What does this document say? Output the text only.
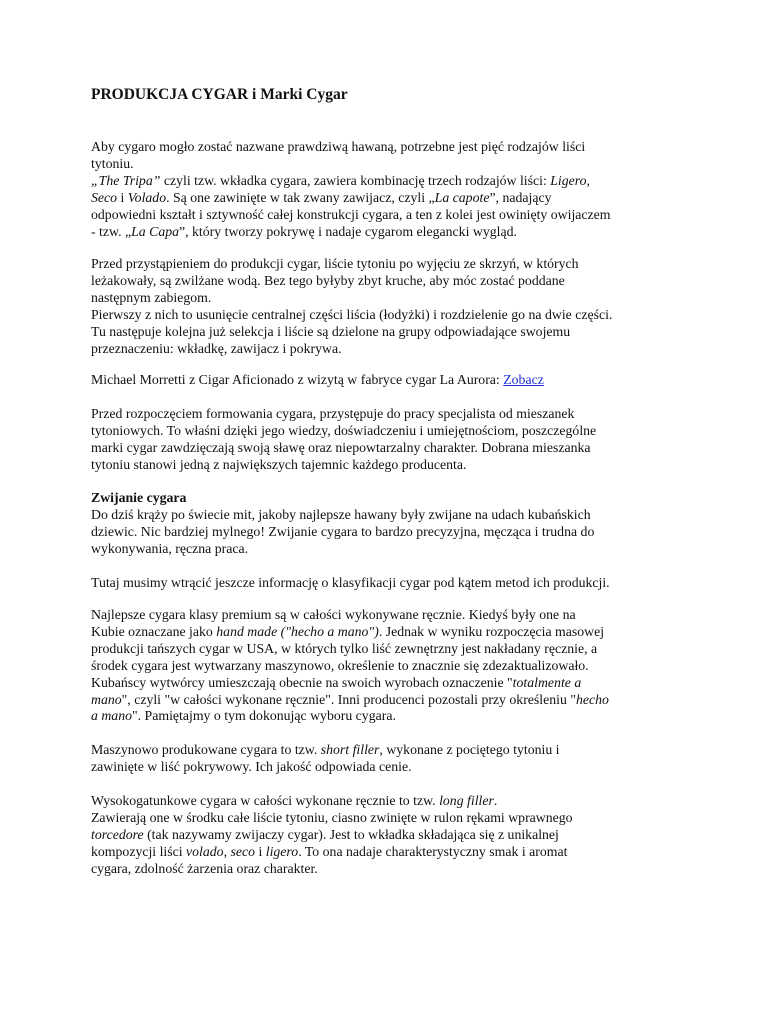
PRODUKCJA CYGAR i Marki Cygar
Aby cygaro mogło zostać nazwane prawdziwą hawaną, potrzebne jest pięć rodzajów liści
tytoniu.
„The Tripa” czyli tzw. wkładka cygara, zawiera kombinację trzech rodzajów liści: Ligero,
Seco i Volado. Są one zawinięte w tak zwany zawijacz, czyli „La capote”, nadający
odpowiedni kształt i sztywność całej konstrukcji cygara, a ten z kolei jest owinięty owijaczem
- tzw. „La Capa”, który tworzy pokrywę i nadaje cygarom elegancki wygląd.
Przed przystąpieniem do produkcji cygar, liście tytoniu po wyjęciu ze skrzyń, w których
leżakowały, są zwilżane wodą. Bez tego byłyby zbyt kruche, aby móc zostać poddane
następnym zabiegom.
Pierwszy z nich to usunięcie centralnej części liścia (łodyżki) i rozdzielenie go na dwie części.
Tu następuje kolejna już selekcja i liście są dzielone na grupy odpowiadające swojemu
przeznaczeniu: wkładkę, zawijacz i pokrywa.
Michael Morretti z Cigar Aficionado z wizytą w fabryce cygar La Aurora: Zobacz
Przed rozpoczęciem formowania cygara, przystępuje do pracy specjalista od mieszanek
tytoniowych. To właśni dzięki jego wiedzy, doświadczeniu i umiejętnościom, poszczególne
marki cygar zawdzięczają swoją sławę oraz niepowtarzalny charakter. Dobrana mieszanka
tytoniu stanowi jedną z największych tajemnic każdego producenta.
Zwijanie cygara
Do dziś krąży po świecie mit, jakoby najlepsze hawany były zwijane na udach kubańskich
dziewic. Nic bardziej mylnego! Zwijanie cygara to bardzo precyzyjna, męcząca i trudna do
wykonywania, ręczna praca.
Tutaj musimy wtrącić jeszcze informację o klasyfikacji cygar pod kątem metod ich produkcji.
Najlepsze cygara klasy premium są w całości wykonywane ręcznie. Kiedyś były one na
Kubie oznaczane jako hand made ("hecho a mano"). Jednak w wyniku rozpoczęcia masowej
produkcji tańszych cygar w USA, w których tylko liść zewnętrzny jest nakładany ręcznie, a
środek cygara jest wytwarzany maszynowo, określenie to znacznie się zdezaktualizowało.
Kubańscy wytwórcy umieszczają obecnie na swoich wyrobach oznaczenie "totalmente a
mano", czyli "w całości wykonane ręcznie". Inni producenci pozostali przy określeniu "hecho
a mano". Pamiętajmy o tym dokonując wyboru cygara.
Maszynowo produkowane cygara to tzw. short filler, wykonane z pociętego tytoniu i
zawinięte w liść pokrywowy. Ich jakość odpowiada cenie.
Wysokogatunkowe cygara w całości wykonane ręcznie to tzw. long filler.
Zawierają one w środku całe liście tytoniu, ciasno zwinięte w rulon rękami wprawnego
torcedore (tak nazywamy zwijaczy cygar). Jest to wkładka składająca się z unikalnej
kompozycji liści volado, seco i ligero. To ona nadaje charakterystyczny smak i aromat
cygara, zdolność żarzenia oraz charakter.
